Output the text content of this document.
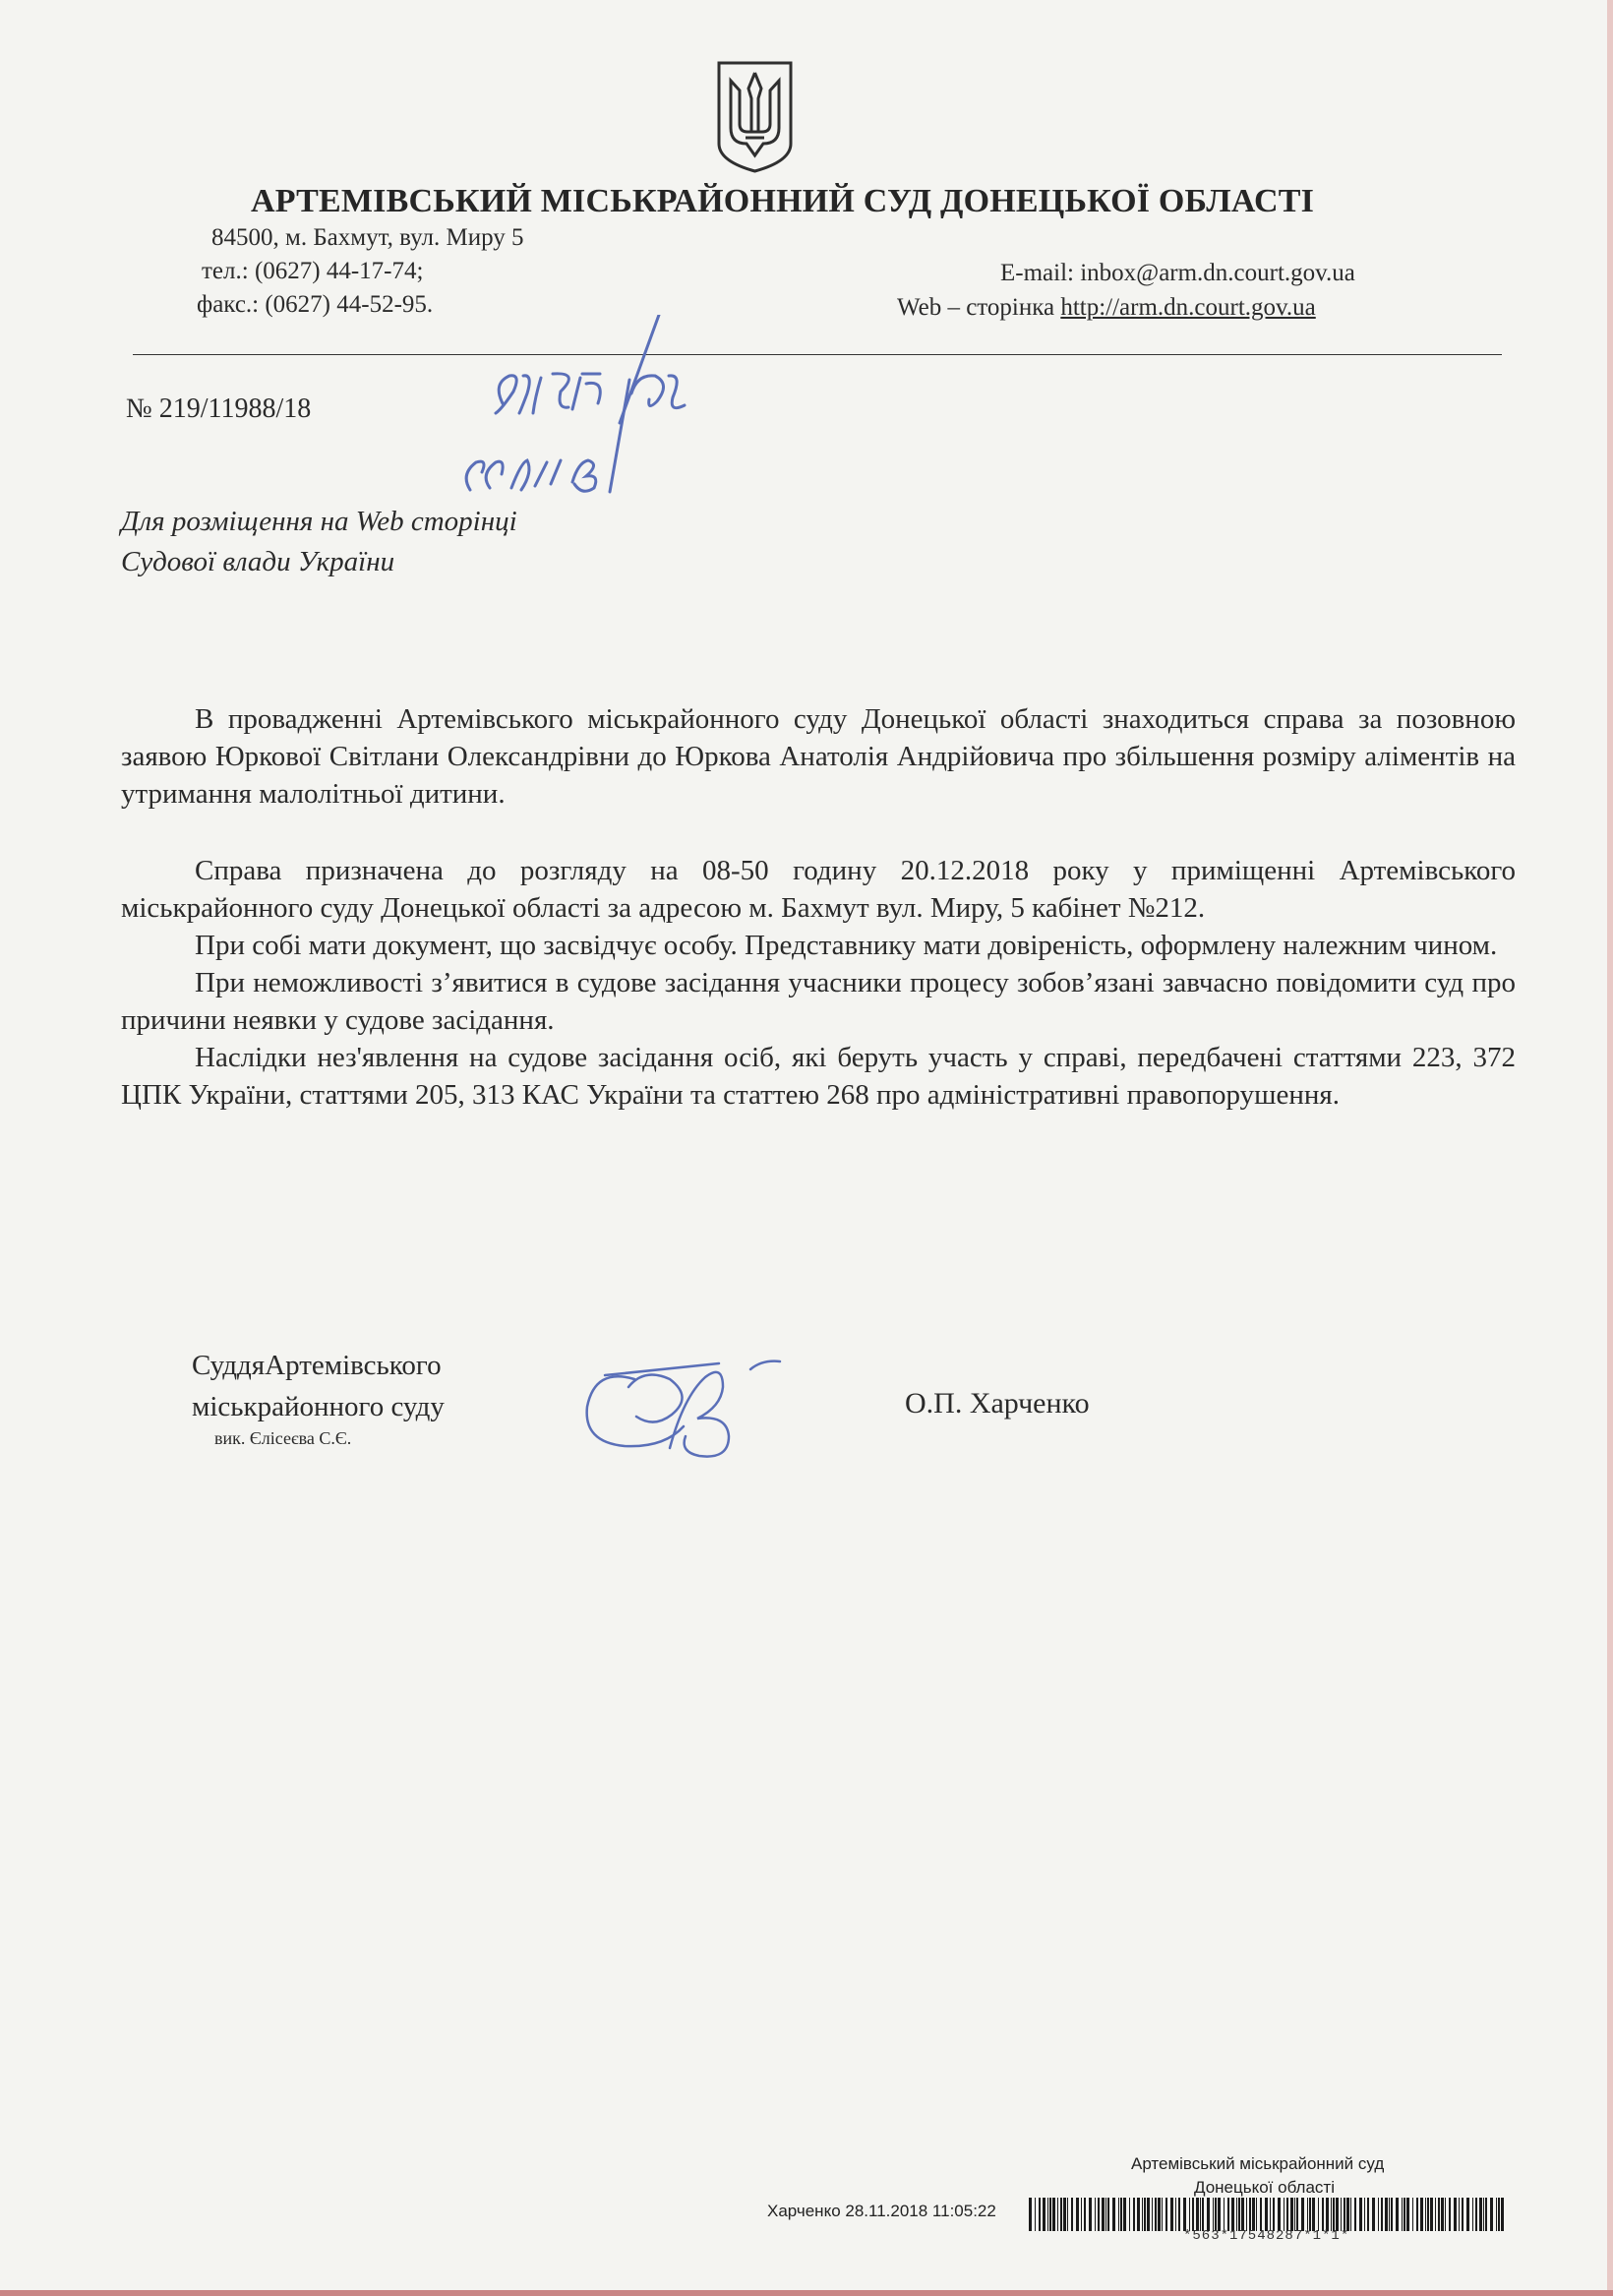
АРТЕМІВСЬКИЙ МІСЬКРАЙОННИЙ СУД ДОНЕЦЬКОЇ ОБЛАСТІ
84500, м. Бахмут, вул. Миру 5
тел.: (0627) 44-17-74;
факс.: (0627) 44-52-95.
E-mail: inbox@arm.dn.court.gov.ua
Web – сторінка http://arm.dn.court.gov.ua
№ 219/11988/18
Для розміщення на Web сторінці
Судової влади України

В провадженні Артемівського міськрайонного суду Донецької області знаходиться справа за позовною заявою Юркової Світлани Олександрівни до Юркова Анатолія Андрійовича про збільшення розміру аліментів на утримання малолітньої дитини.

Справа призначена до розгляду на 08-50 годину 20.12.2018 року у приміщенні Артемівського міськрайонного суду Донецької області за адресою м. Бахмут вул. Миру, 5 кабінет №212.

При собі мати документ, що засвідчує особу. Представнику мати довіреність, оформлену належним чином.

При неможливості з’явитися в судове засідання учасники процесу зобов’язані завчасно повідомити суд про причини неявки у судове засідання.

Наслідки нез'явлення на судове засідання осіб, які беруть участь у справі, передбачені статтями 223, 372 ЦПК України, статтями 205, 313 КАС України та статтею 268 про адміністративні правопорушення.

СуддяАртемівського
міськрайонного суду
вик. Єлісеєва С.Є.
О.П. Харченко
Артемівський міськрайонний суд
Донецької області
Харченко 28.11.2018 11:05:22
*563*17548287*1*1*
